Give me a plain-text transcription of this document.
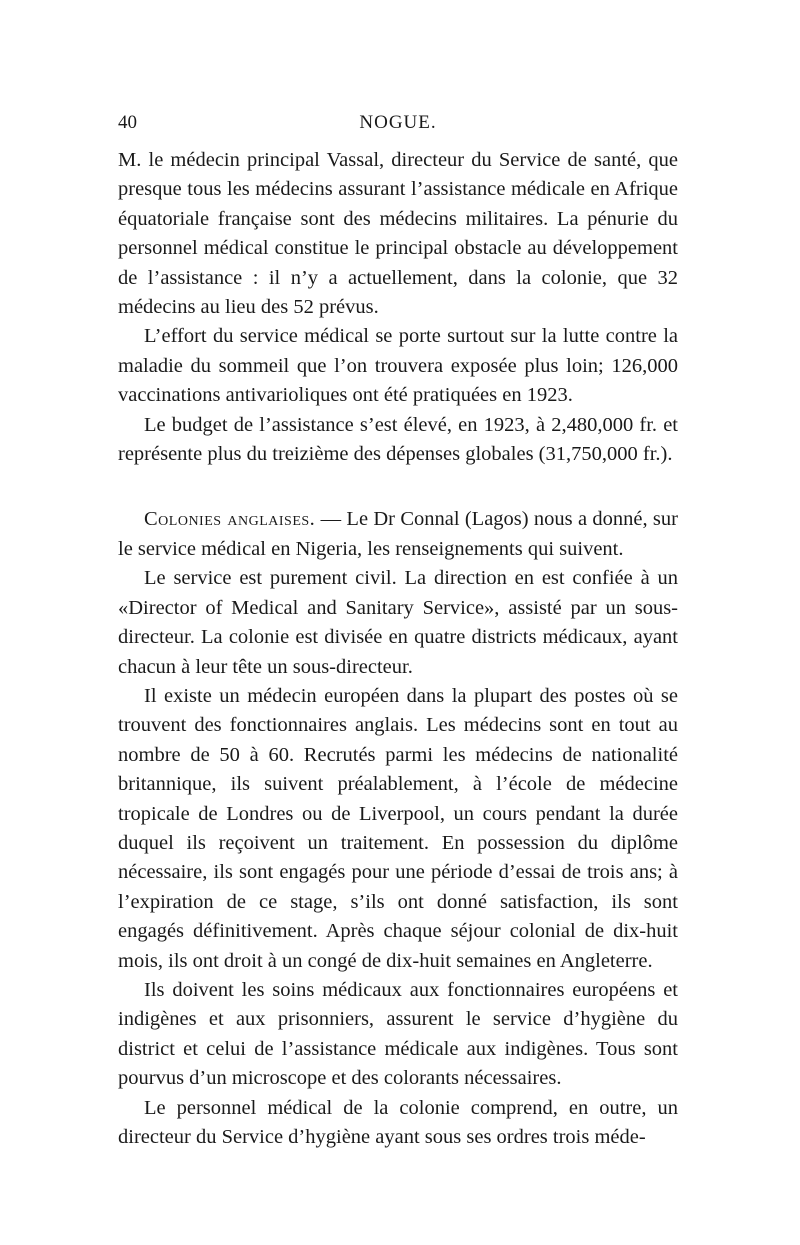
40	NOGUE.

M. le médecin principal Vassal, directeur du Service de santé, que presque tous les médecins assurant l’assistance médicale en Afrique équatoriale française sont des médecins militaires. La pénurie du personnel médical constitue le principal obstacle au développement de l’assistance : il n’y a actuellement, dans la colonie, que 32 médecins au lieu des 52 prévus.

L’effort du service médical se porte surtout sur la lutte contre la maladie du sommeil que l’on trouvera exposée plus loin; 126,000 vaccinations antivarioliques ont été pratiquées en 1923.

Le budget de l’assistance s’est élevé, en 1923, à 2,480,000 fr. et représente plus du treizième des dépenses globales (31,750,000 fr.).

Colonies anglaises. — Le Dr Connal (Lagos) nous a donné, sur le service médical en Nigeria, les renseignements qui suivent.

Le service est purement civil. La direction en est confiée à un «Director of Medical and Sanitary Service», assisté par un sous-directeur. La colonie est divisée en quatre districts médicaux, ayant chacun à leur tête un sous-directeur.

Il existe un médecin européen dans la plupart des postes où se trouvent des fonctionnaires anglais. Les médecins sont en tout au nombre de 50 à 60. Recrutés parmi les médecins de nationalité britannique, ils suivent préalablement, à l’école de médecine tropicale de Londres ou de Liverpool, un cours pendant la durée duquel ils reçoivent un traitement. En possession du diplôme nécessaire, ils sont engagés pour une période d’essai de trois ans; à l’expiration de ce stage, s’ils ont donné satisfaction, ils sont engagés définitivement. Après chaque séjour colonial de dix-huit mois, ils ont droit à un congé de dix-huit semaines en Angleterre.

Ils doivent les soins médicaux aux fonctionnaires européens et indigènes et aux prisonniers, assurent le service d’hygiène du district et celui de l’assistance médicale aux indigènes. Tous sont pourvus d’un microscope et des colorants nécessaires.

Le personnel médical de la colonie comprend, en outre, un directeur du Service d’hygiène ayant sous ses ordres trois méde-
